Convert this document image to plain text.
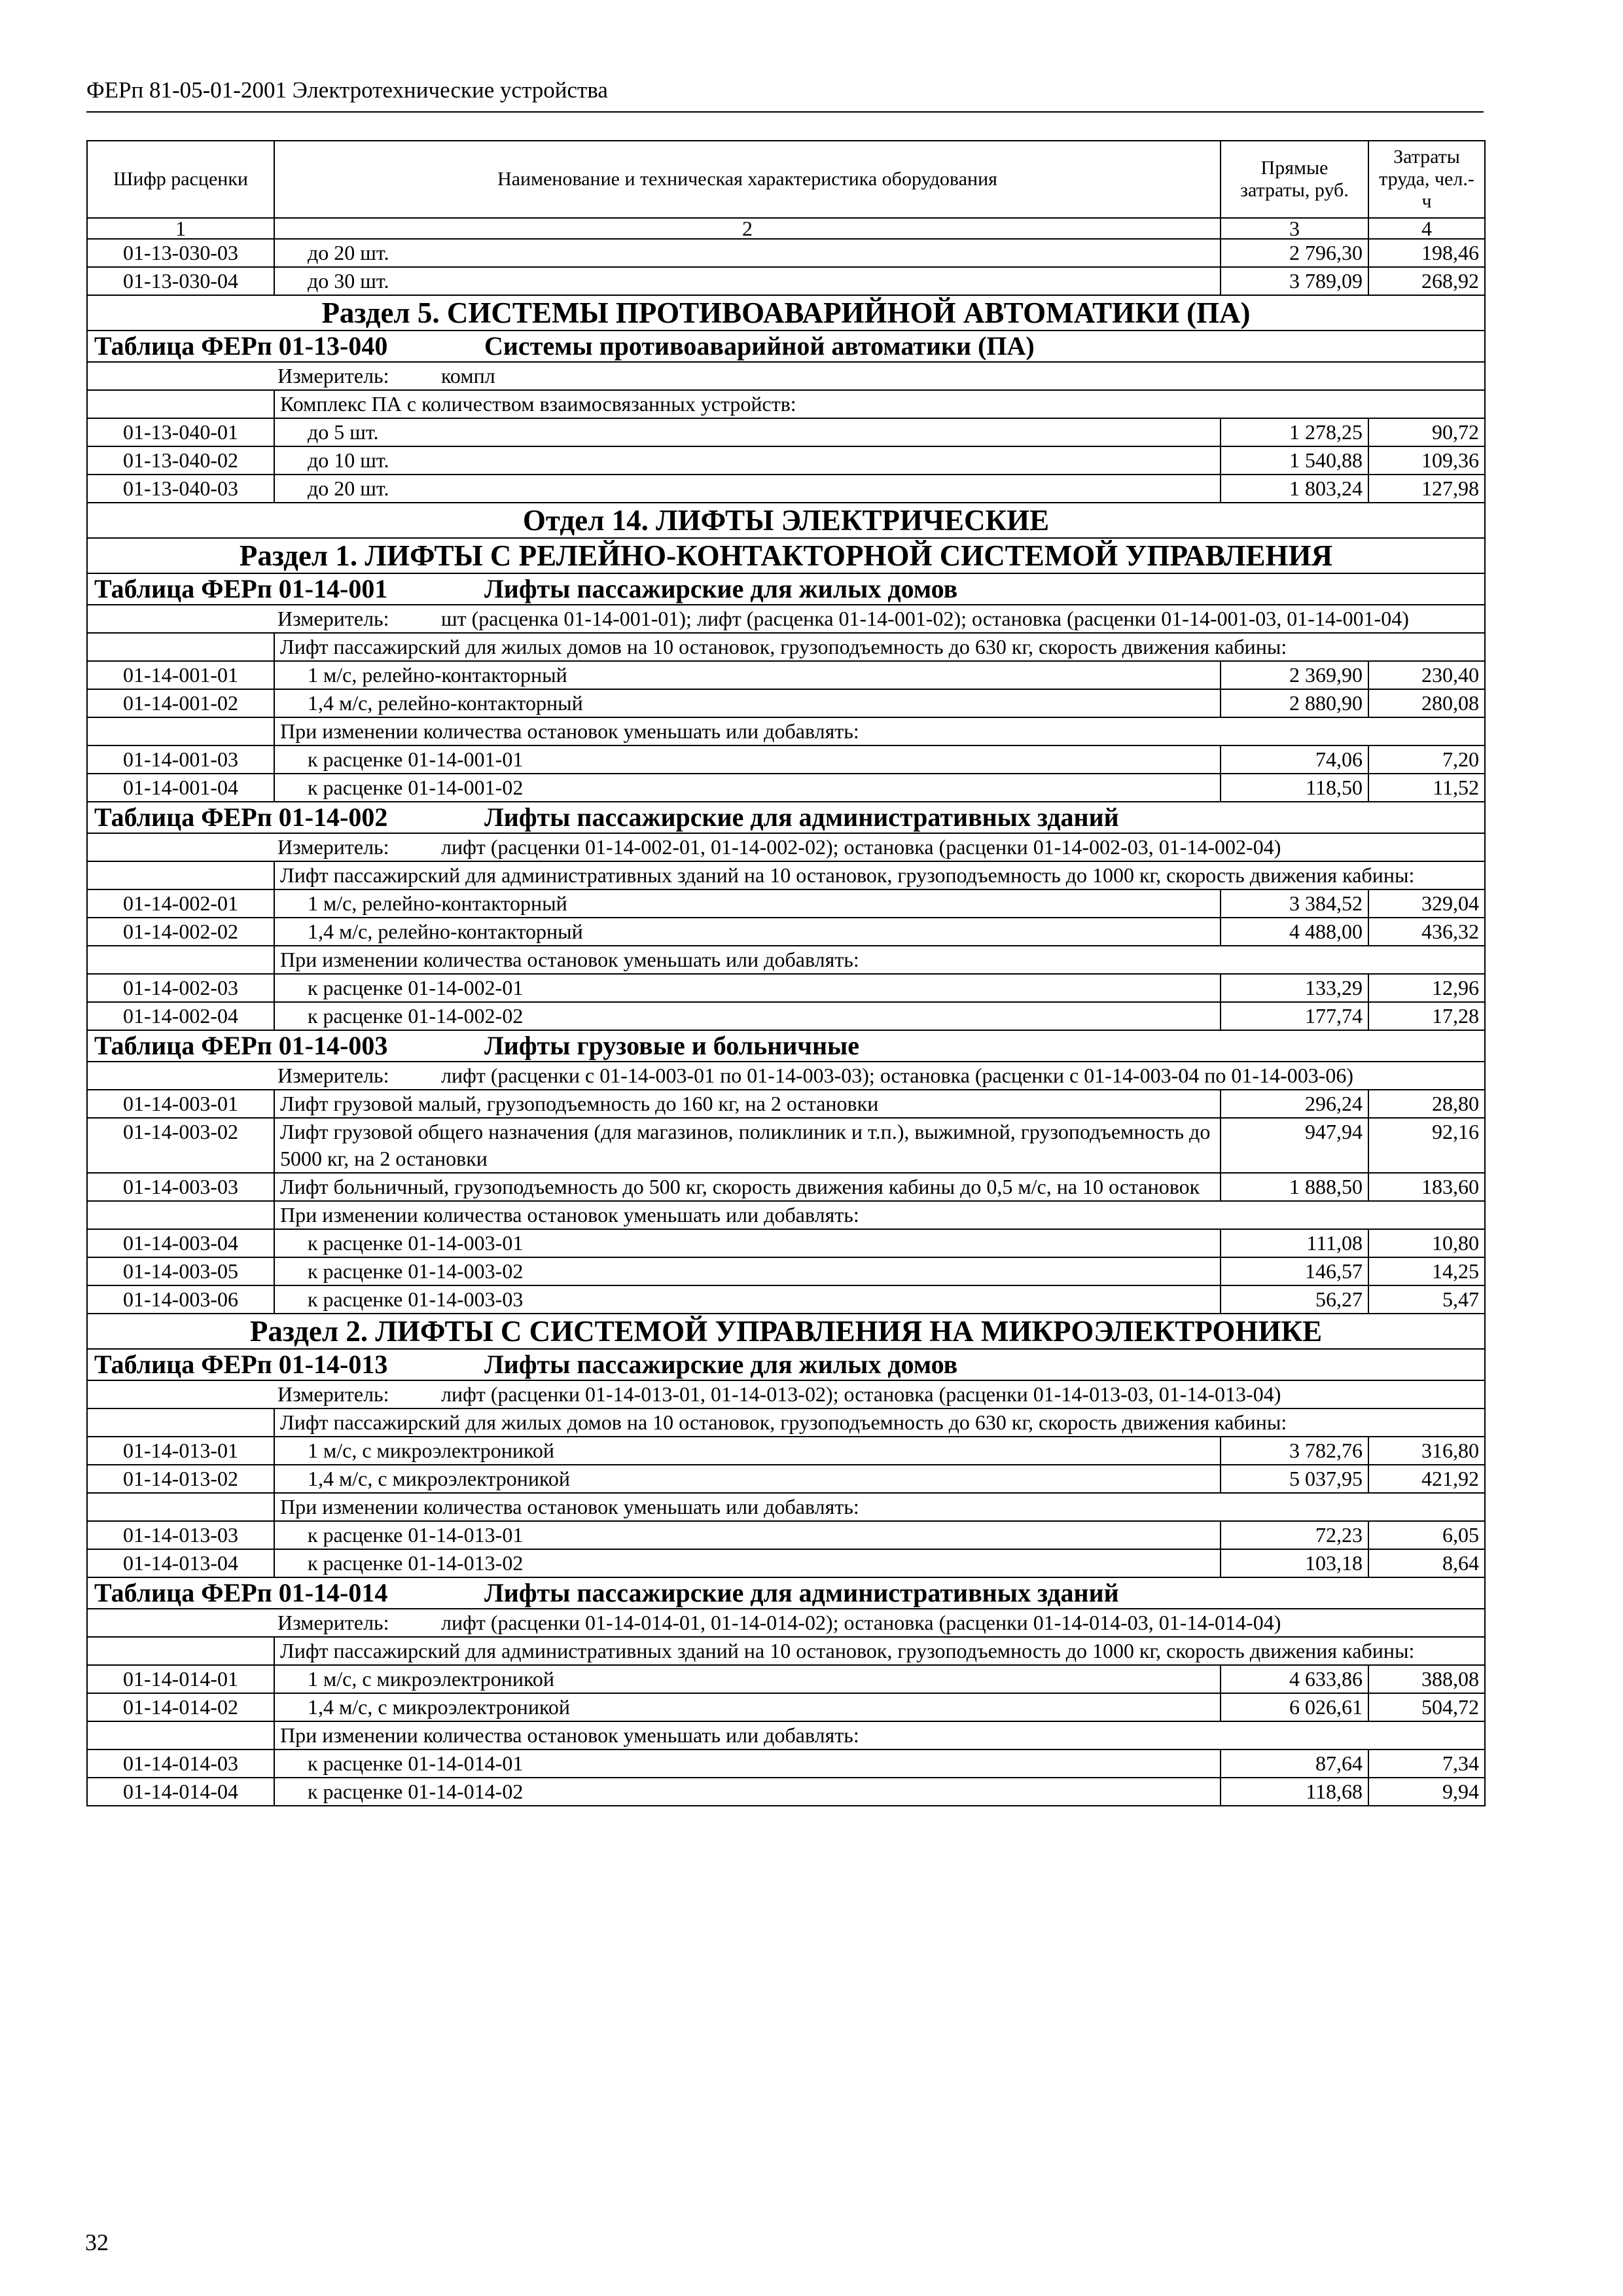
ФЕРп 81-05-01-2001 Электротехнические устройства
Шифр расценки	Наименование и техническая характеристика оборудования	Прямые затраты, руб.	Затраты труда, чел.-ч
1	2	3	4
01-13-030-03	до 20 шт.	2 796,30	198,46
01-13-030-04	до 30 шт.	3 789,09	268,92
Раздел 5. СИСТЕМЫ ПРОТИВОАВАРИЙНОЙ АВТОМАТИКИ (ПА)			
Таблица ФЕРп 01-13-040 Системы противоаварийной автоматики (ПА)			
Измеритель: компл			
	Комплекс ПА с количеством взаимосвязанных устройств:		
01-13-040-01	до 5 шт.	1 278,25	90,72
01-13-040-02	до 10 шт.	1 540,88	109,36
01-13-040-03	до 20 шт.	1 803,24	127,98
Отдел 14. ЛИФТЫ ЭЛЕКТРИЧЕСКИЕ			
Раздел 1. ЛИФТЫ С РЕЛЕЙНО-КОНТАКТОРНОЙ СИСТЕМОЙ УПРАВЛЕНИЯ			
Таблица ФЕРп 01-14-001 Лифты пассажирские для жилых домов			
Измеритель: шт (расценка 01-14-001-01); лифт (расценка 01-14-001-02); остановка (расценки 01-14-001-03, 01-14-001-04)			
	Лифт пассажирский для жилых домов на 10 остановок, грузоподъемность до 630 кг, скорость движения кабины:		
01-14-001-01	1 м/с, релейно-контакторный	2 369,90	230,40
01-14-001-02	1,4 м/с, релейно-контакторный	2 880,90	280,08
	При изменении количества остановок уменьшать или добавлять:		
01-14-001-03	к расценке 01-14-001-01	74,06	7,20
01-14-001-04	к расценке 01-14-001-02	118,50	11,52
Таблица ФЕРп 01-14-002 Лифты пассажирские для административных зданий			
Измеритель: лифт (расценки 01-14-002-01, 01-14-002-02); остановка (расценки 01-14-002-03, 01-14-002-04)			
	Лифт пассажирский для административных зданий на 10 остановок, грузоподъемность до 1000 кг, скорость движения кабины:		
01-14-002-01	1 м/с, релейно-контакторный	3 384,52	329,04
01-14-002-02	1,4 м/с, релейно-контакторный	4 488,00	436,32
	При изменении количества остановок уменьшать или добавлять:		
01-14-002-03	к расценке 01-14-002-01	133,29	12,96
01-14-002-04	к расценке 01-14-002-02	177,74	17,28
Таблица ФЕРп 01-14-003 Лифты грузовые и больничные			
Измеритель: лифт (расценки с 01-14-003-01 по 01-14-003-03); остановка (расценки с 01-14-003-04 по 01-14-003-06)			
01-14-003-01	Лифт грузовой малый, грузоподъемность до 160 кг, на 2 остановки	296,24	28,80
01-14-003-02	Лифт грузовой общего назначения (для магазинов, поликлиник и т.п.), выжимной, грузоподъемность до 5000 кг, на 2 остановки	947,94	92,16
01-14-003-03	Лифт больничный, грузоподъемность до 500 кг, скорость движения кабины до 0,5 м/с, на 10 остановок	1 888,50	183,60
	При изменении количества остановок уменьшать или добавлять:		
01-14-003-04	к расценке 01-14-003-01	111,08	10,80
01-14-003-05	к расценке 01-14-003-02	146,57	14,25
01-14-003-06	к расценке 01-14-003-03	56,27	5,47
Раздел 2. ЛИФТЫ С СИСТЕМОЙ УПРАВЛЕНИЯ НА МИКРОЭЛЕКТРОНИКЕ			
Таблица ФЕРп 01-14-013 Лифты пассажирские для жилых домов			
Измеритель: лифт (расценки 01-14-013-01, 01-14-013-02); остановка (расценки 01-14-013-03, 01-14-013-04)			
	Лифт пассажирский для жилых домов на 10 остановок, грузоподъемность до 630 кг, скорость движения кабины:		
01-14-013-01	1 м/с, с микроэлектроникой	3 782,76	316,80
01-14-013-02	1,4 м/с, с микроэлектроникой	5 037,95	421,92
	При изменении количества остановок уменьшать или добавлять:		
01-14-013-03	к расценке 01-14-013-01	72,23	6,05
01-14-013-04	к расценке 01-14-013-02	103,18	8,64
Таблица ФЕРп 01-14-014 Лифты пассажирские для административных зданий			
Измеритель: лифт (расценки 01-14-014-01, 01-14-014-02); остановка (расценки 01-14-014-03, 01-14-014-04)			
	Лифт пассажирский для административных зданий на 10 остановок, грузоподъемность до 1000 кг, скорость движения кабины:		
01-14-014-01	1 м/с, с микроэлектроникой	4 633,86	388,08
01-14-014-02	1,4 м/с, с микроэлектроникой	6 026,61	504,72
	При изменении количества остановок уменьшать или добавлять:		
01-14-014-03	к расценке 01-14-014-01	87,64	7,34
01-14-014-04	к расценке 01-14-014-02	118,68	9,94
32
